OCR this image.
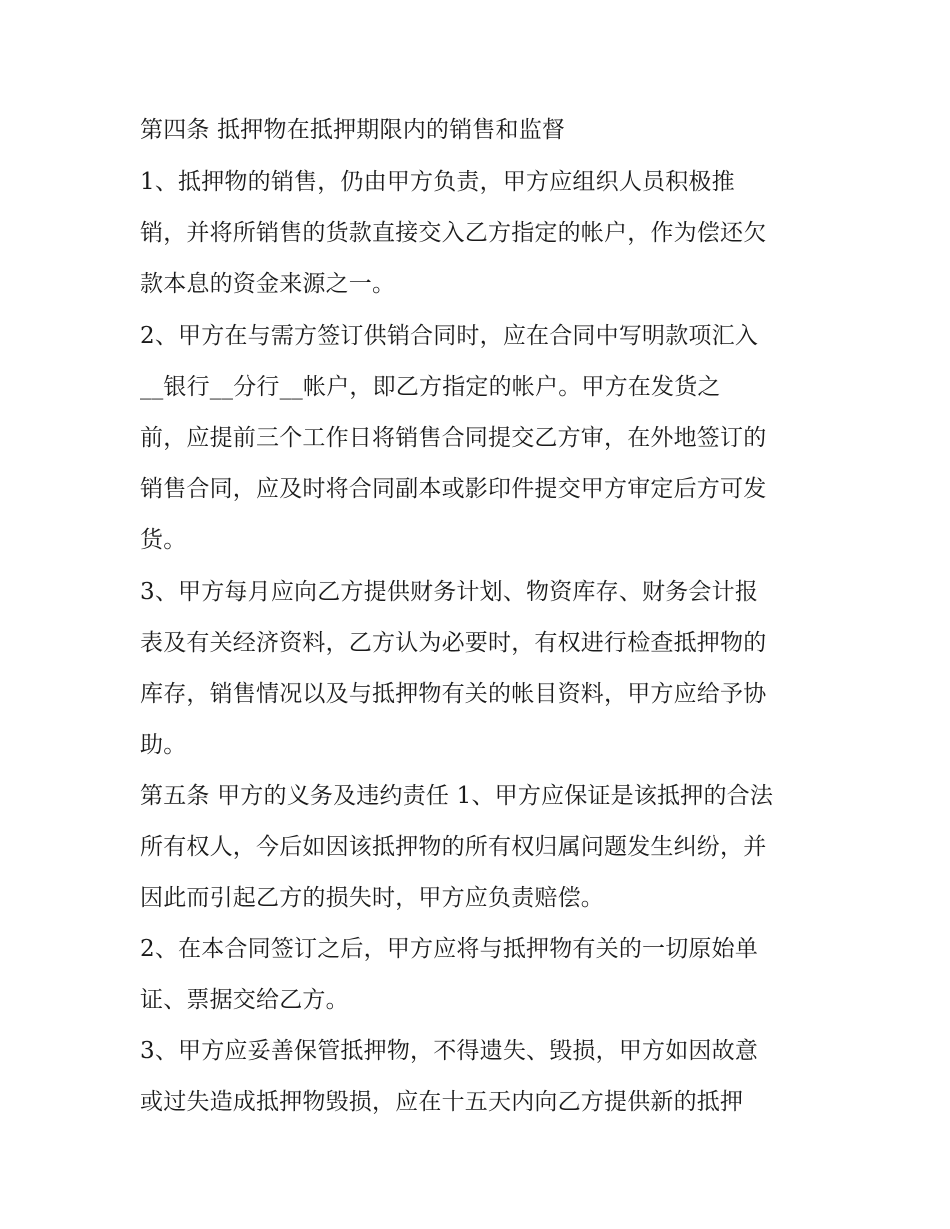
第四条 抵押物在抵押期限内的销售和监督
1、抵押物的销售，仍由甲方负责，甲方应组织人员积极推
销，并将所销售的货款直接交入乙方指定的帐户，作为偿还欠
款本息的资金来源之一。
2、甲方在与需方签订供销合同时，应在合同中写明款项汇入
__银行__分行__帐户，即乙方指定的帐户。甲方在发货之
前，应提前三个工作日将销售合同提交乙方审，在外地签订的
销售合同，应及时将合同副本或影印件提交甲方审定后方可发
货。
3、甲方每月应向乙方提供财务计划、物资库存、财务会计报
表及有关经济资料，乙方认为必要时，有权进行检查抵押物的
库存，销售情况以及与抵押物有关的帐目资料，甲方应给予协
助。
第五条 甲方的义务及违约责任 1、甲方应保证是该抵押的合法
所有权人，今后如因该抵押物的所有权归属问题发生纠纷，并
因此而引起乙方的损失时，甲方应负责赔偿。
2、在本合同签订之后，甲方应将与抵押物有关的一切原始单
证、票据交给乙方。
3、甲方应妥善保管抵押物，不得遗失、毁损，甲方如因故意
或过失造成抵押物毁损，应在十五天内向乙方提供新的抵押
